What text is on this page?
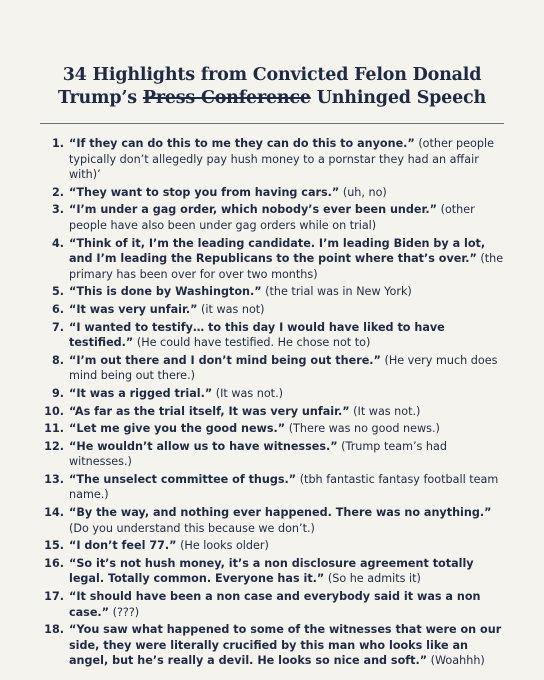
34 Highlights from Convicted Felon Donald
Trump’s Press Conference Unhinged Speech
1. “If they can do this to me they can do this to anyone.” (other people typically don’t allegedly pay hush money to a pornstar they had an affair with)’
2. “They want to stop you from having cars.” (uh, no)
3. “I’m under a gag order, which nobody’s ever been under.” (other people have also been under gag orders while on trial)
4. “Think of it, I’m the leading candidate. I’m leading Biden by a lot, and I’m leading the Republicans to the point where that’s over.” (the primary has been over for over two months)
5. “This is done by Washington.” (the trial was in New York)
6. “It was very unfair.” (it was not)
7. “I wanted to testify… to this day I would have liked to have testified.” (He could have testified. He chose not to)
8. “I’m out there and I don’t mind being out there.” (He very much does mind being out there.)
9. “It was a rigged trial.” (It was not.)
10. “As far as the trial itself, It was very unfair.” (It was not.)
11. “Let me give you the good news.” (There was no good news.)
12. “He wouldn’t allow us to have witnesses.” (Trump team’s had witnesses.)
13. “The unselect committee of thugs.” (tbh fantastic fantasy football team name.)
14. “By the way, and nothing ever happened. There was no anything.” (Do you understand this because we don’t.)
15. “I don’t feel 77.” (He looks older)
16. “So it’s not hush money, it’s a non disclosure agreement totally legal. Totally common. Everyone has it.” (So he admits it)
17. “It should have been a non case and everybody said it was a non case.” (???)
18. “You saw what happened to some of the witnesses that were on our side, they were literally crucified by this man who looks like an angel, but he’s really a devil. He looks so nice and soft.” (Woahhh)
